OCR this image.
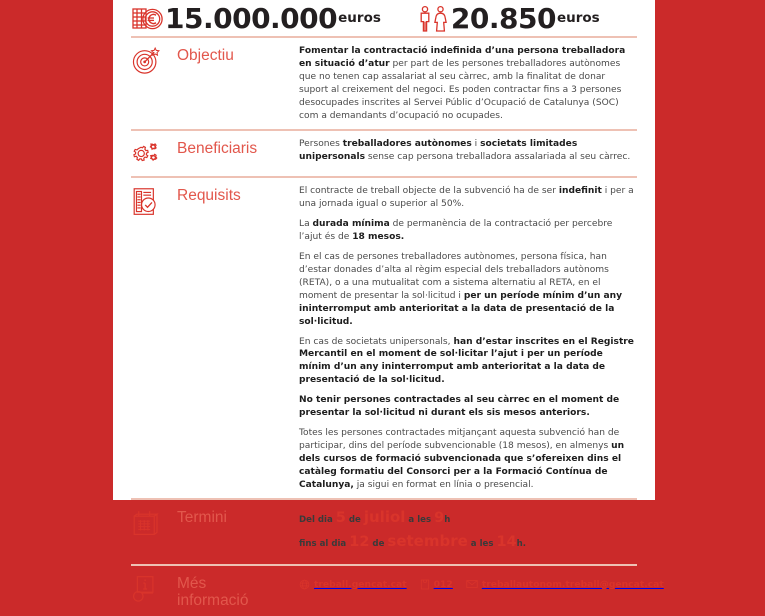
15.000.000 euros	20.850 euros
Objectiu	Fomentar la contractació indefinida d’una persona treballadora en situació d’atur per part de les persones treballadores autònomes que no tenen cap assalariat al seu càrrec, amb la finalitat de donar suport al creixement del negoci. Es poden contractar fins a 3 persones desocupades inscrites al Servei Públic d’Ocupació de Catalunya (SOC) com a demandants d’ocupació no ocupades.

Beneficiaris	Persones treballadores autònomes i societats limitades unipersonals sense cap persona treballadora assalariada al seu càrrec.

Requisits	El contracte de treball objecte de la subvenció ha de ser indefinit i per a una jornada igual o superior al 50%.

La durada mínima de permanència de la contractació per percebre l’ajut és de 18 mesos.

En el cas de persones treballadores autònomes, persona física, han d’estar donades d’alta al règim especial dels treballadors autònoms (RETA), o a una mutualitat com a sistema alternatiu al RETA, en el moment de presentar la sol·licitud i per un període mínim d’un any ininterromput amb anterioritat a la data de presentació de la sol·licitud.

En cas de societats unipersonals, han d’estar inscrites en el Registre Mercantil en el moment de sol·licitar l’ajut i per un període mínim d’un any ininterromput amb anterioritat a la data de presentació de la sol·licitud.

No tenir persones contractades al seu càrrec en el moment de presentar la sol·licitud ni durant els sis mesos anteriors.

Totes les persones contractades mitjançant aquesta subvenció han de participar, dins del període subvencionable (18 mesos), en almenys un dels cursos de formació subvencionada que s’ofereixen dins el catàleg formatiu del Consorci per a la Formació Contínua de Catalunya, ja sigui en format en línia o presencial.

Termini	Del dia 5 de juliol a les 9h
fins al dia 12 de setembre a les 14h.
Més
informació
treball.gencat.cat	012	treballautonom.treball@gencat.cat
